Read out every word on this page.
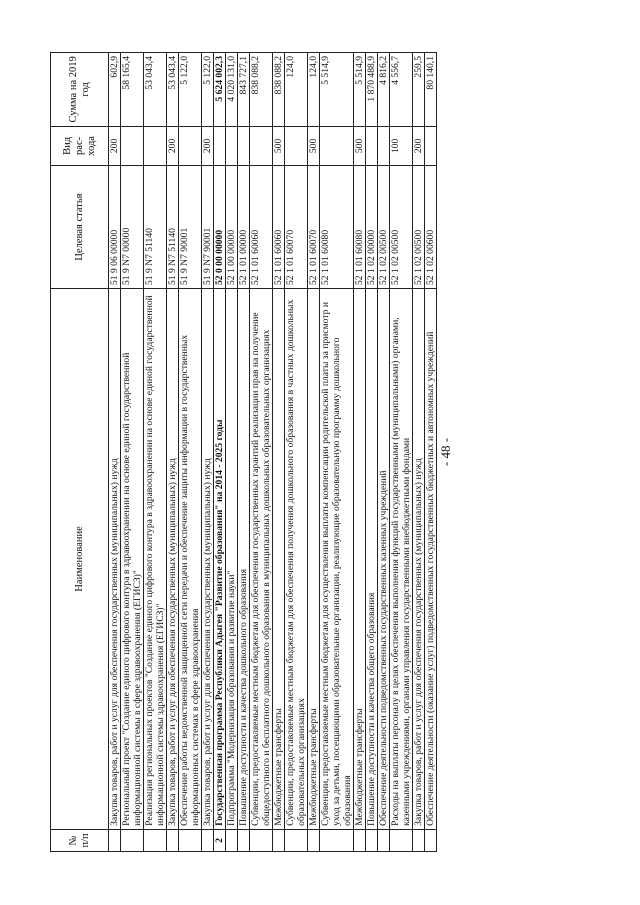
№ п/п	Наименование	Целевая статья	Вид рас-хода	Сумма на 2019 год
	Закупка товаров, работ и услуг для обеспечения государственных (муниципальных) нужд	51 9 06 00000	200	602,9
	Региональный проект "Создание единого цифрового контура в здравоохранении на основе единой государственной информационной системы в сфере здравоохранения (ЕГИСЗ)"	51 9 N7 00000		58 165,4
	Реализация региональных проектов "Создание единого цифрового контура в здравоохранении на основе единой государственной информационной системы здравоохранения (ЕГИСЗ)"	51 9 N7 51140		53 043,4
	Закупка товаров, работ и услуг для обеспечения государственных (муниципальных) нужд	51 9 N7 51140	200	53 043,4
	Обеспечение работы ведомственной защищенной сети передачи и обеспечение защиты информации в государственных информационных системах в сфере здравоохранения	51 9 N7 90001		5 122,0
	Закупка товаров, работ и услуг для обеспечения государственных (муниципальных) нужд	51 9 N7 90001	200	5 122,0
2	Государственная программа Республики Адыгея "Развитие образования" на 2014 - 2025 годы	52 0 00 00000		5 624 002,3
	Подпрограмма "Модернизация образования и развитие науки"	52 1 00 00000		4 020 131,0
	Повышение доступности и качества дошкольного образования	52 1 01 00000		843 727,1
	Субвенции, предоставляемые местным бюджетам для обеспечения государственных гарантий реализации прав на получение общедоступного и бесплатного дошкольного образования в муниципальных дошкольных образовательных организациях	52 1 01 60060		838 088,2
	Межбюджетные трансферты	52 1 01 60060	500	838 088,2
	Субвенции, предоставляемые местным бюджетам для обеспечения получения дошкольного образования в частных дошкольных образовательных организациях	52 1 01 60070		124,0
	Межбюджетные трансферты	52 1 01 60070	500	124,0
	Субвенции, предоставляемые местным бюджетам для осуществления выплаты компенсации родительской платы за присмотр и уход за детьми, посещающими образовательные организации, реализующие образовательную программу дошкольного образования	52 1 01 60080		5 514,9
	Межбюджетные трансферты	52 1 01 60080	500	5 514,9
	Повышение доступности и качества общего образования	52 1 02 00000		1 870 488,9
	Обеспечение деятельности подведомственных государственных казенных учреждений	52 1 02 00500		4 816,2
	Расходы на выплаты персоналу в целях обеспечения выполнения функций государственными (муниципальными) органами, казенными учреждениями, органами управления государственными внебюджетными фондами	52 1 02 00500	100	4 556,7
	Закупка товаров, работ и услуг для обеспечения государственных (муниципальных) нужд	52 1 02 00500	200	259,5
	Обеспечение деятельности (оказание услуг) подведомственных государственных бюджетных и автономных учреждений	52 1 02 00600		80 140,1
- 48 -
